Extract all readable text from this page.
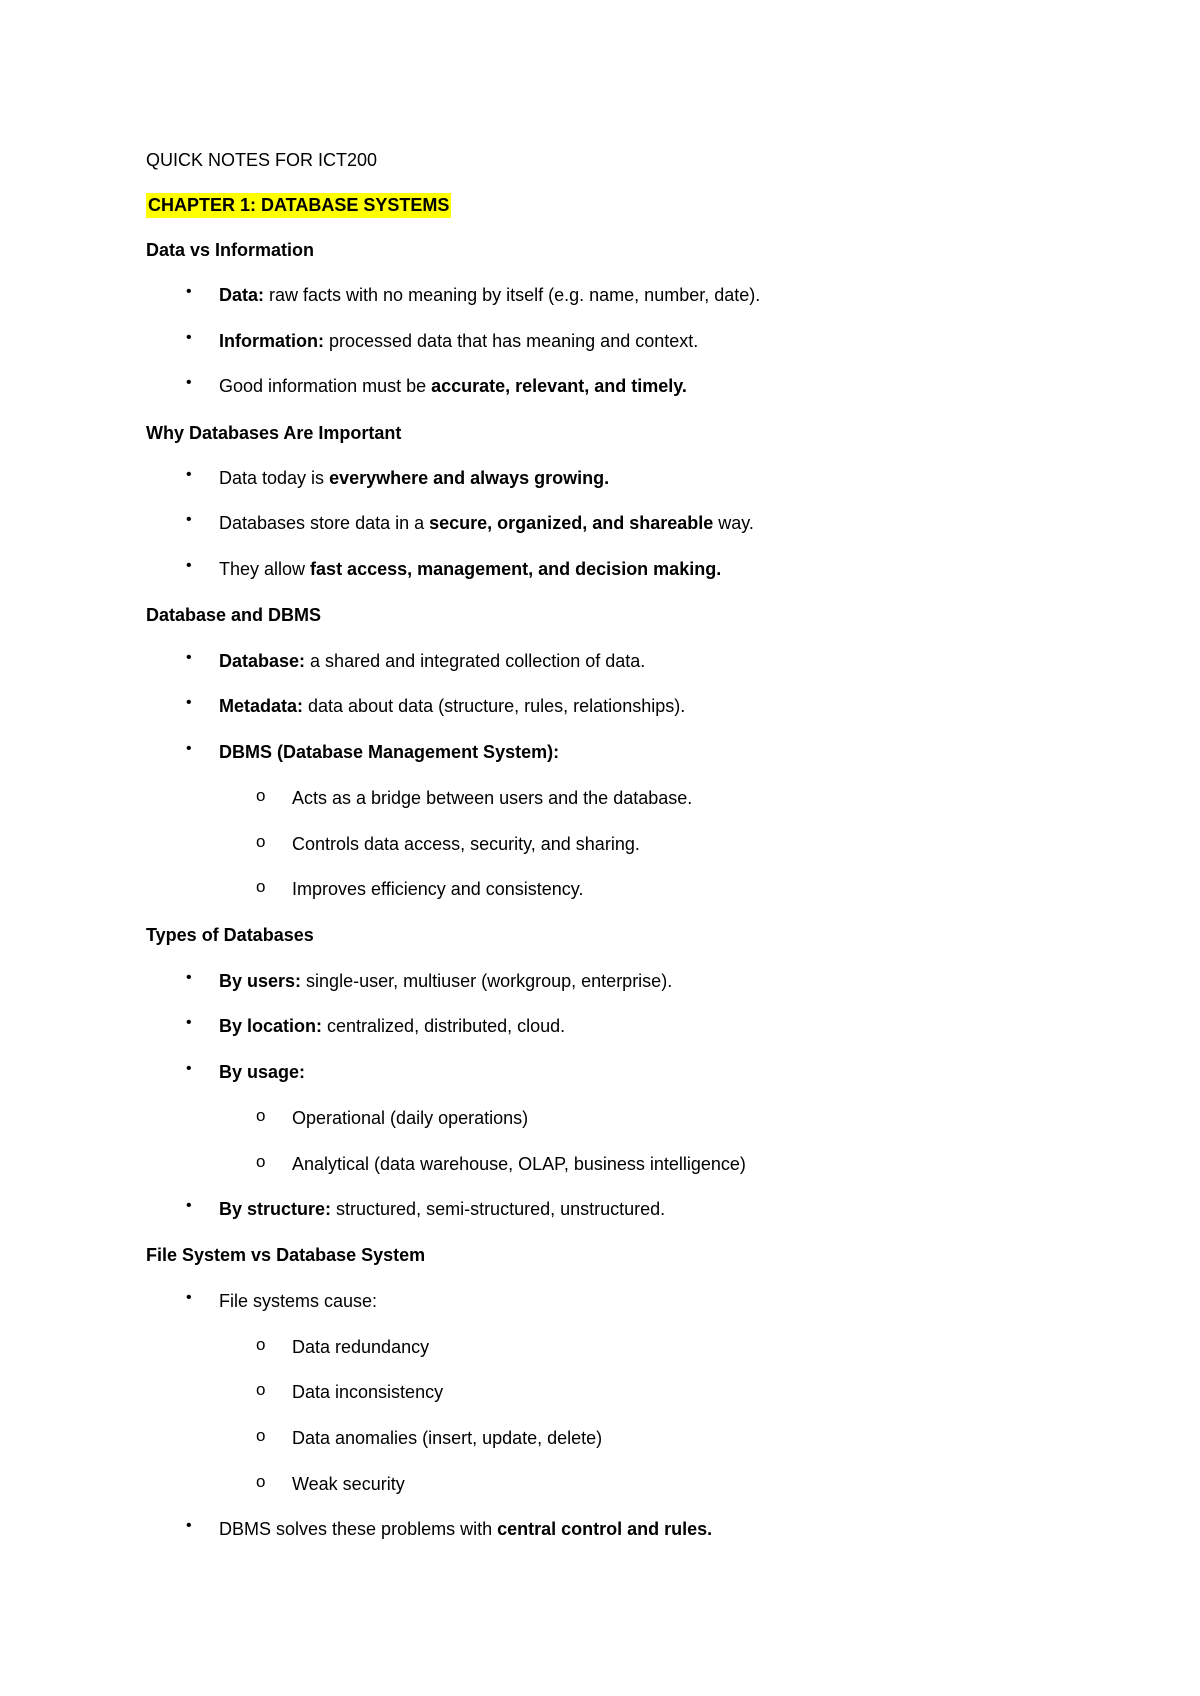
QUICK NOTES FOR ICT200
CHAPTER 1: DATABASE SYSTEMS
Data vs Information
• Data: raw facts with no meaning by itself (e.g. name, number, date).
• Information: processed data that has meaning and context.
• Good information must be accurate, relevant, and timely.
Why Databases Are Important
• Data today is everywhere and always growing.
• Databases store data in a secure, organized, and shareable way.
• They allow fast access, management, and decision making.
Database and DBMS
• Database: a shared and integrated collection of data.
• Metadata: data about data (structure, rules, relationships).
• DBMS (Database Management System):
o Acts as a bridge between users and the database.
o Controls data access, security, and sharing.
o Improves efficiency and consistency.
Types of Databases
• By users: single-user, multiuser (workgroup, enterprise).
• By location: centralized, distributed, cloud.
• By usage:
o Operational (daily operations)
o Analytical (data warehouse, OLAP, business intelligence)
• By structure: structured, semi-structured, unstructured.
File System vs Database System
• File systems cause:
o Data redundancy
o Data inconsistency
o Data anomalies (insert, update, delete)
o Weak security
• DBMS solves these problems with central control and rules.
